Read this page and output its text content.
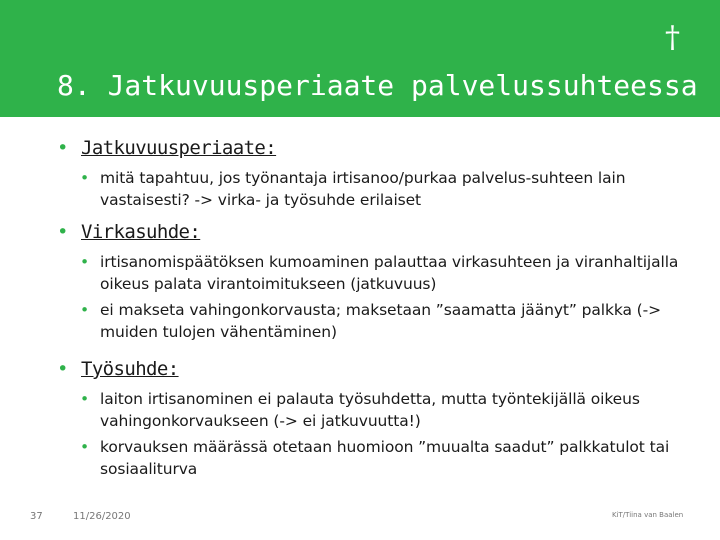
†
8. Jatkuvuusperiaate palvelussuhteessa
• Jatkuvuusperiaate:
• mitä tapahtuu, jos työnantaja irtisanoo/purkaa palvelus-suhteen lain vastaisesti? -> virka- ja työsuhde erilaiset
• Virkasuhde:
• irtisanomispäätöksen kumoaminen palauttaa virkasuhteen ja viranhaltijalla oikeus palata virantoimitukseen (jatkuvuus)
• ei makseta vahingonkorvausta; maksetaan ”saamatta jäänyt” palkka (-> muiden tulojen vähentäminen)
• Työsuhde:
• laiton irtisanominen ei palauta työsuhdetta, mutta työntekijällä oikeus vahingonkorvaukseen (-> ei jatkuvuutta!)
• korvauksen määrässä otetaan huomioon ”muualta saadut” palkkatulot tai sosiaaliturva
37	11/26/2020	KiT/Tiina van Baalen
